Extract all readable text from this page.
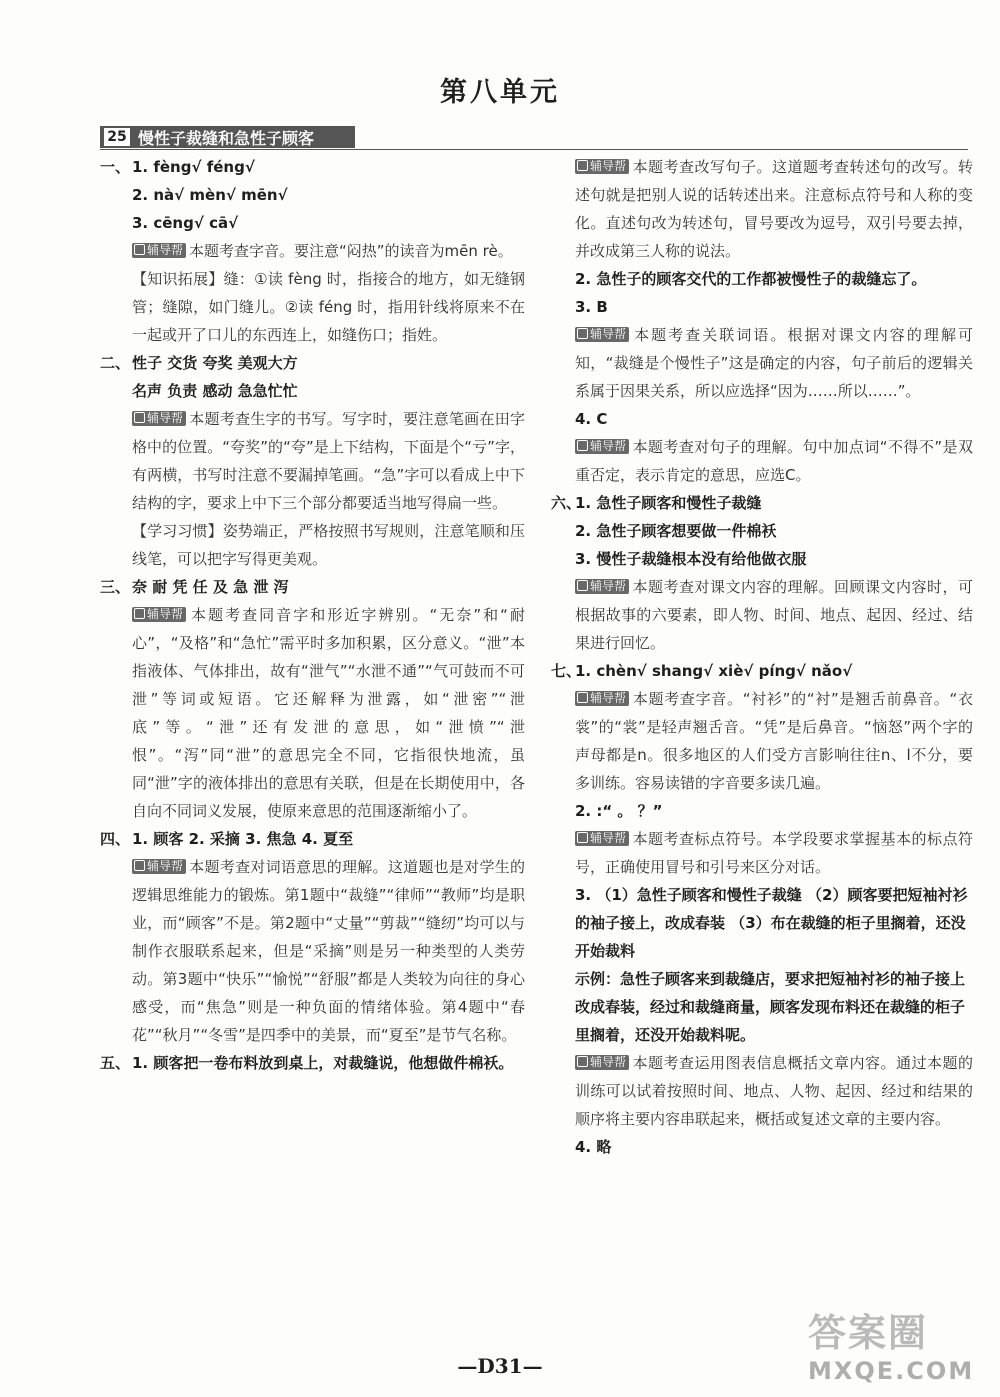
第八单元
25 慢性子裁缝和急性子顾客
一、 1. fèng√ féng√
2. nà√ mèn√ mēn√
3. cēng√ cā√
辅导帮 本题考查字音。要注意“闷热”的读音为mēn rè。
【知识拓展】缝：①读 fèng 时，指接合的地方，如无缝钢管；缝隙，如门缝儿。②读 féng 时，指用针线将原来不在一起或开了口儿的东西连上，如缝伤口；指姓。
二、 性子 交货 夸奖 美观大方
名声 负责 感动 急急忙忙
辅导帮 本题考查生字的书写。写字时，要注意笔画在田字格中的位置。“夸奖”的“夸”是上下结构，下面是个“亏”字，有两横，书写时注意不要漏掉笔画。“急”字可以看成上中下结构的字，要求上中下三个部分都要适当地写得扁一些。
【学习习惯】姿势端正，严格按照书写规则，注意笔顺和压线笔，可以把字写得更美观。
三、 奈 耐 凭 任 及 急 泄 泻
辅导帮 本题考查同音字和形近字辨别。“无奈”和“耐心”，“及格”和“急忙”需平时多加积累，区分意义。“泄”本指液体、气体排出，故有“泄气”“水泄不通”“气可鼓而不可泄”等词或短语。它还解释为泄露，如“泄密”“泄底”等。“泄”还有发泄的意思，如“泄愤”“泄恨”。“泻”同“泄”的意思完全不同，它指很快地流，虽同“泄”字的液体排出的意思有关联，但是在长期使用中，各自向不同词义发展，使原来意思的范围逐渐缩小了。
四、 1. 顾客 2. 采摘 3. 焦急 4. 夏至
辅导帮 本题考查对词语意思的理解。这道题也是对学生的逻辑思维能力的锻炼。第1题中“裁缝”“律师”“教师”均是职业，而“顾客”不是。第2题中“丈量”“剪裁”“缝纫”均可以与制作衣服联系起来，但是“采摘”则是另一种类型的人类劳动。第3题中“快乐”“愉悦”“舒服”都是人类较为向往的身心感受，而“焦急”则是一种负面的情绪体验。第4题中“春花”“秋月”“冬雪”是四季中的美景，而“夏至”是节气名称。
五、 1. 顾客把一卷布料放到桌上，对裁缝说，他想做件棉袄。
辅导帮 本题考查改写句子。这道题考查转述句的改写。转述句就是把别人说的话转述出来。注意标点符号和人称的变化。直述句改为转述句，冒号要改为逗号，双引号要去掉，并改成第三人称的说法。
2. 急性子的顾客交代的工作都被慢性子的裁缝忘了。
3. B
辅导帮 本题考查关联词语。根据对课文内容的理解可知，“裁缝是个慢性子”这是确定的内容，句子前后的逻辑关系属于因果关系，所以应选择“因为……所以……”。
4. C
辅导帮 本题考查对句子的理解。句中加点词“不得不”是双重否定，表示肯定的意思，应选C。
六、
1. 急性子顾客和慢性子裁缝
2. 急性子顾客想要做一件棉袄
3. 慢性子裁缝根本没有给他做衣服
辅导帮 本题考查对课文内容的理解。回顾课文内容时，可根据故事的六要素，即人物、时间、地点、起因、经过、结果进行回忆。
七、
1. chèn√ shang√ xiè√ píng√ nǎo√
辅导帮 本题考查字音。“衬衫”的“衬”是翘舌前鼻音。“衣裳”的“裳”是轻声翘舌音。“凭”是后鼻音。“恼怒”两个字的声母都是n。很多地区的人们受方言影响往往n、l不分，要多训练。容易读错的字音要多读几遍。
2. :“ 。 ？”
辅导帮 本题考查标点符号。本学段要求掌握基本的标点符号，正确使用冒号和引号来区分对话。
3. （1）急性子顾客和慢性子裁缝 （2）顾客要把短袖衬衫的袖子接上，改成春装 （3）布在裁缝的柜子里搁着，还没开始裁料
示例：急性子顾客来到裁缝店，要求把短袖衬衫的袖子接上改成春装，经过和裁缝商量，顾客发现布料还在裁缝的柜子里搁着，还没开始裁料呢。
辅导帮 本题考查运用图表信息概括文章内容。通过本题的训练可以试着按照时间、地点、人物、起因、经过和结果的顺序将主要内容串联起来，概括或复述文章的主要内容。
4. 略
—D31—
答案圈
MXQE.COM
